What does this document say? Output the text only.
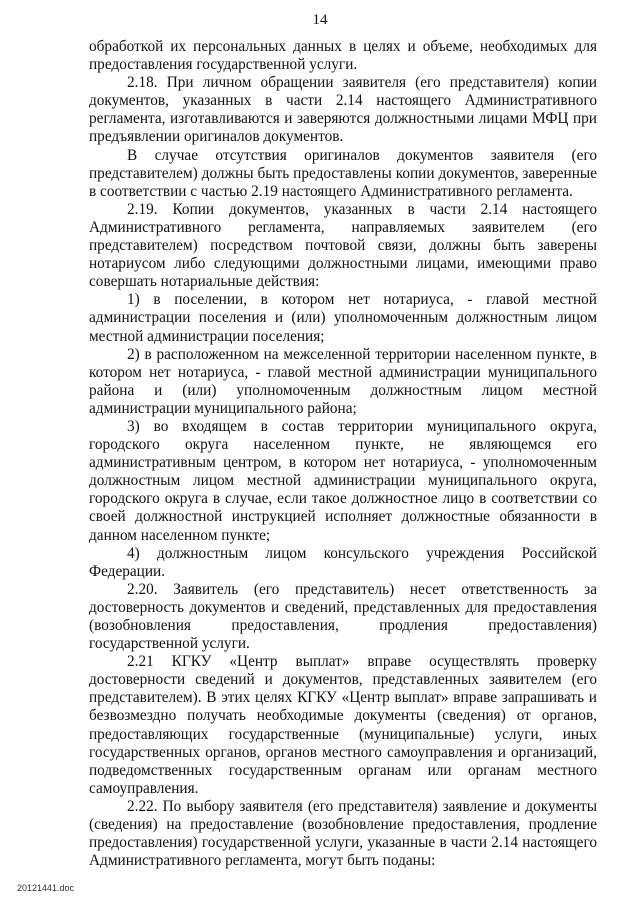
14

обработкой их персональных данных в целях и объеме, необходимых для предоставления государственной услуги.

2.18. При личном обращении заявителя (его представителя) копии документов, указанных в части 2.14 настоящего Административного регламента, изготавливаются и заверяются должностными лицами МФЦ при предъявлении оригиналов документов.

В случае отсутствия оригиналов документов заявителя (его представителем) должны быть предоставлены копии документов, заверенные в соответствии с частью 2.19 настоящего Административного регламента.

2.19. Копии документов, указанных в части 2.14 настоящего Административного регламента, направляемых заявителем (его представителем) посредством почтовой связи, должны быть заверены нотариусом либо следующими должностными лицами, имеющими право совершать нотариальные действия:

1) в поселении, в котором нет нотариуса, - главой местной администрации поселения и (или) уполномоченным должностным лицом местной администрации поселения;

2) в расположенном на межселенной территории населенном пункте, в котором нет нотариуса, - главой местной администрации муниципального района и (или) уполномоченным должностным лицом местной администрации муниципального района;

3) во входящем в состав территории муниципального округа, городского округа населенном пункте, не являющемся его административным центром, в котором нет нотариуса, - уполномоченным должностным лицом местной администрации муниципального округа, городского округа в случае, если такое должностное лицо в соответствии со своей должностной инструкцией исполняет должностные обязанности в данном населенном пункте;

4) должностным лицом консульского учреждения Российской Федерации.

2.20. Заявитель (его представитель) несет ответственность за достоверность документов и сведений, представленных для предоставления (возобновления предоставления, продления предоставления) государственной услуги.

2.21 КГКУ «Центр выплат» вправе осуществлять проверку достоверности сведений и документов, представленных заявителем (его представителем). В этих целях КГКУ «Центр выплат» вправе запрашивать и безвозмездно получать необходимые документы (сведения) от органов, предоставляющих государственные (муниципальные) услуги, иных государственных органов, органов местного самоуправления и организаций, подведомственных государственным органам или органам местного самоуправления.

2.22. По выбору заявителя (его представителя) заявление и документы (сведения) на предоставление (возобновление предоставления, продление предоставления) государственной услуги, указанные в части 2.14 настоящего Административного регламента, могут быть поданы:

20121441.doc
